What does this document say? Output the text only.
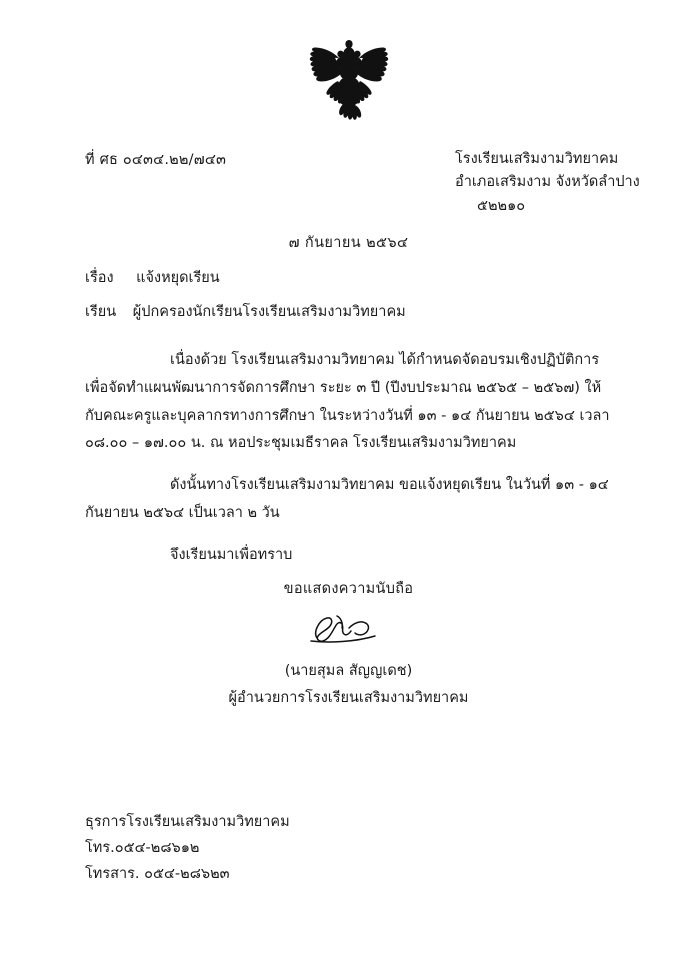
ที่ ศธ ๐๔๓๔.๒๒/๗๔๓	โรงเรียนเสริมงามวิทยาคม
อำเภอเสริมงาม จังหวัดลำปาง
๕๒๒๑๐
๗ กันยายน ๒๕๖๔
เรื่อง แจ้งหยุดเรียน
เรียน ผู้ปกครองนักเรียนโรงเรียนเสริมงามวิทยาคม

เนื่องด้วย โรงเรียนเสริมงามวิทยาคม ได้กำหนดจัดอบรมเชิงปฏิบัติการเพื่อจัดทำแผนพัฒนาการจัดการศึกษา ระยะ ๓ ปี (ปีงบประมาณ ๒๕๖๕ – ๒๕๖๗) ให้กับคณะครูและบุคลากรทางการศึกษา ในระหว่างวันที่ ๑๓ - ๑๔ กันยายน ๒๕๖๔ เวลา ๐๘.๐๐ – ๑๗.๐๐ น. ณ หอประชุมเมธีราคล โรงเรียนเสริมงามวิทยาคม

ดังนั้นทางโรงเรียนเสริมงามวิทยาคม ขอแจ้งหยุดเรียน ในวันที่ ๑๓ - ๑๔ กันยายน ๒๕๖๔ เป็นเวลา ๒ วัน

จึงเรียนมาเพื่อทราบ

ขอแสดงความนับถือ
(นายสุมล สัญญเดช)
ผู้อำนวยการโรงเรียนเสริมงามวิทยาคม
ธุรการโรงเรียนเสริมงามวิทยาคม
โทร.๐๕๔-๒๘๖๑๒
โทรสาร. ๐๕๔-๒๘๖๒๓
